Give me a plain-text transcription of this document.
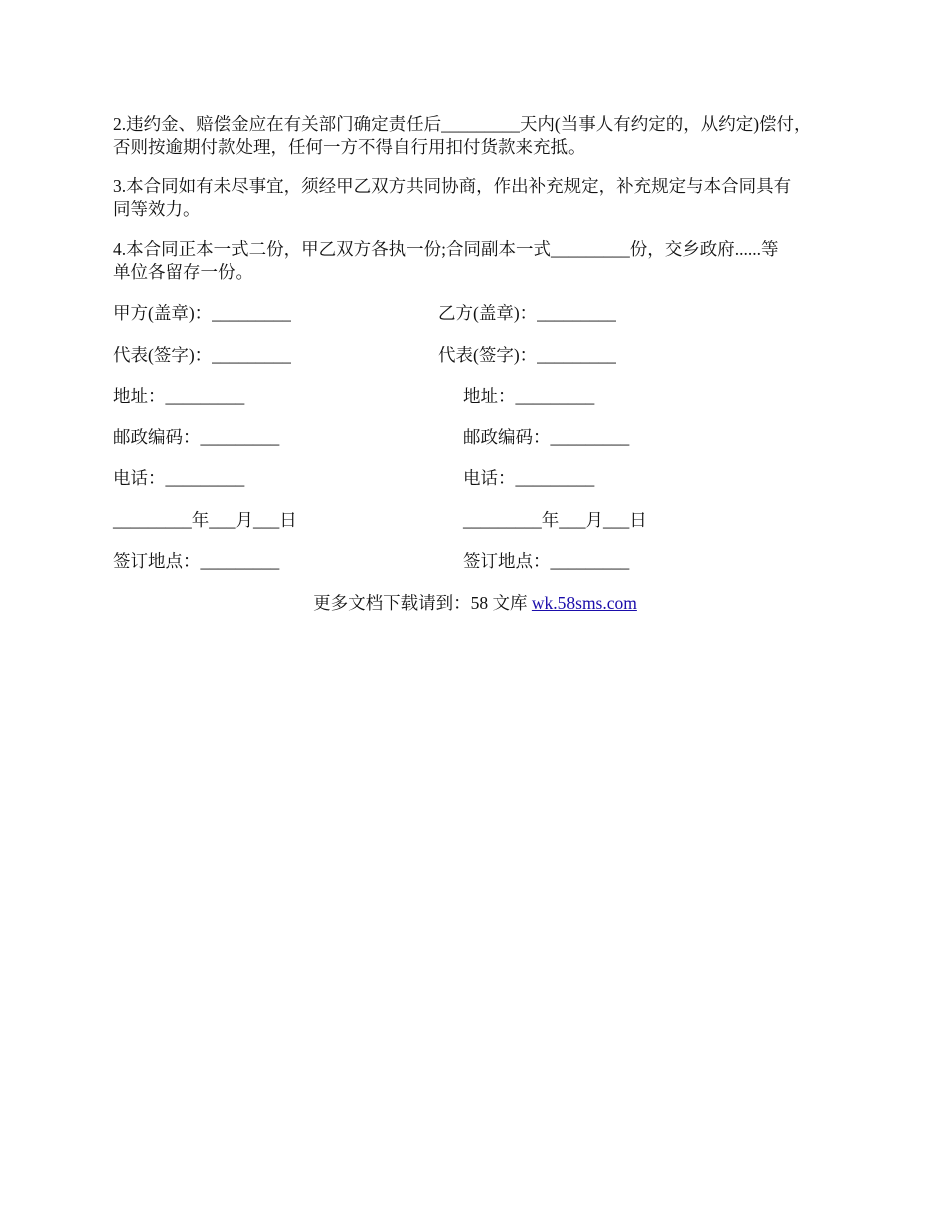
2.违约金、赔偿金应在有关部门确定责任后_________天内(当事人有约定的，从约定)偿付，
否则按逾期付款处理，任何一方不得自行用扣付货款来充抵。
3.本合同如有未尽事宜，须经甲乙双方共同协商，作出补充规定，补充规定与本合同具有
同等效力。
4.本合同正本一式二份，甲乙双方各执一份;合同副本一式_________份，交乡政府......等
单位各留存一份。
甲方(盖章)：_________
代表(签字)：_________
地址：_________
邮政编码：_________
电话：_________
_________年___月___日
签订地点：_________
乙方(盖章)：_________
代表(签字)：_________
地址：_________
邮政编码：_________
电话：_________
_________年___月___日
签订地点：_________
更多文档下载请到：58 文库 wk.58sms.com
